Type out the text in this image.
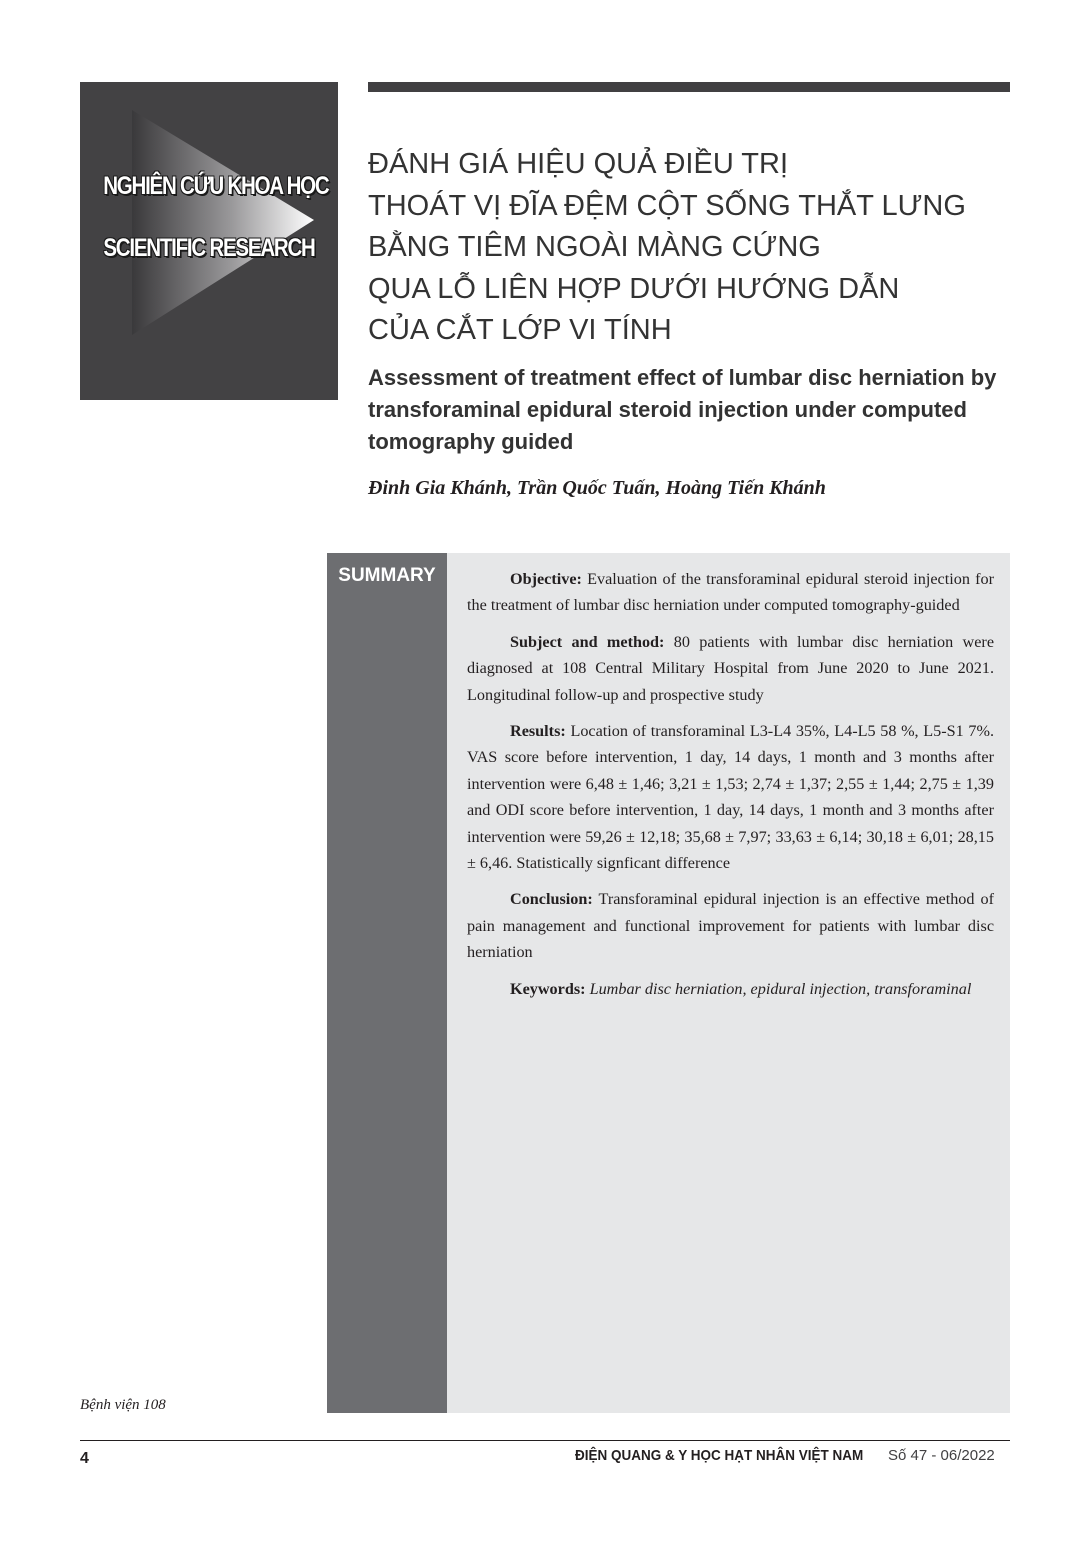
NGHIÊN CỨU KHOA HỌC
SCIENTIFIC RESEARCH
ĐÁNH GIÁ HIỆU QUẢ ĐIỀU TRỊ
THOÁT VỊ ĐĨA ĐỆM CỘT SỐNG THẮT LƯNG
BẰNG TIÊM NGOÀI MÀNG CỨNG
QUA LỖ LIÊN HỢP DƯỚI HƯỚNG DẪN
CỦA CẮT LỚP VI TÍNH
Assessment of treatment effect of lumbar disc herniation by transforaminal epidural steroid injection under computed tomography guided
Đinh Gia Khánh, Trần Quốc Tuấn, Hoàng Tiến Khánh
SUMMARY	Objective: Evaluation of the transforaminal epidural steroid injection for the treatment of lumbar disc herniation under computed tomography-guided

Subject and method: 80 patients with lumbar disc herniation were diagnosed at 108 Central Military Hospital from June 2020 to June 2021. Longitudinal follow-up and prospective study

Results: Location of transforaminal L3-L4 35%, L4-L5 58 %, L5-S1 7%. VAS score before intervention, 1 day, 14 days, 1 month and 3 months after intervention were 6,48 ± 1,46; 3,21 ± 1,53; 2,74 ± 1,37; 2,55 ± 1,44; 2,75 ± 1,39 and ODI score before intervention, 1 day, 14 days, 1 month and 3 months after intervention were 59,26 ± 12,18; 35,68 ± 7,97; 33,63 ± 6,14; 30,18 ± 6,01; 28,15 ± 6,46. Statistically signficant difference

Conclusion: Transforaminal epidural injection is an effective method of pain management and functional improvement for patients with lumbar disc herniation

Keywords: Lumbar disc herniation, epidural injection, transforaminal

Bệnh viện 108
4	ĐIỆN QUANG & Y HỌC HẠT NHÂN VIỆT NAM Số 47 - 06/2022
